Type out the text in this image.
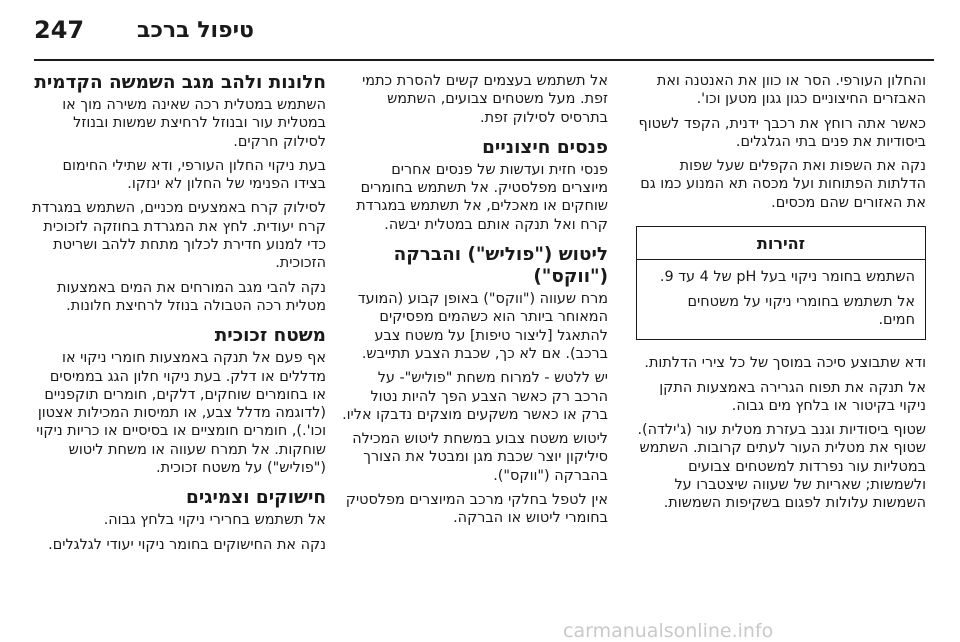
טיפול ברכב
247

והחלון העורפי. הסר או כוון את האנטנה ואת האבזרים החיצוניים כגון גגון מטען וכו'.

כאשר אתה רוחץ את רכבך ידנית, הקפד לשטוף ביסודיות את פנים בתי הגלגלים.

נקה את השפות ואת הקפלים שעל שפות הדלתות הפתוחות ועל מכסה תא המנוע כמו גם את האזורים שהם מכסים.

זהירות

השתמש בחומר ניקוי בעל pH של 4 עד 9.

אל תשתמש בחומרי ניקוי על משטחים חמים.

ודא שתבוצע סיכה במוסך של כל צירי הדלתות.

אל תנקה את תפוח הגרירה באמצעות התקן ניקוי בקיטור או בלחץ מים גבוה.

שטוף ביסודיות וגנב בעזרת מטלית עור (ג'ילדה). שטוף את מטלית העור לעתים קרובות. השתמש במטליות עור נפרדות למשטחים צבועים ולשמשות; שאריות של שעווה שיצטברו על השמשות עלולות לפגום בשקיפות השמשות.

אל תשתמש בעצמים קשים להסרת כתמי זפת. מעל משטחים צבועים, השתמש בתרסיס לסילוק זפת.

פנסים חיצוניים

פנסי חזית ועדשות של פנסים אחרים מיוצרים מפלסטיק. אל תשתמש בחומרים שוחקים או מאכלים, אל תשתמש במגרדת קרח ואל תנקה אותם במטלית יבשה.

ליטוש ("פוליש") והברקה ("ווקס")

מרח שעווה ("ווקס") באופן קבוע (המועד המאוחר ביותר הוא כשהמים מפסיקים להתאגל [ליצור טיפות] על משטח צבע ברכב). אם לא כך, שכבת הצבע תתייבש.

יש ללטש - למרוח משחת "פוליש"- על הרכב רק כאשר הצבע הפך להיות נטול ברק או כאשר משקעים מוצקים נדבקו אליו.

ליטוש משטח צבוע במשחת ליטוש המכילה סיליקון יוצר שכבת מגן ומבטל את הצורך בהברקה ("ווקס").

אין לטפל בחלקי מרכב המיוצרים מפלסטיק בחומרי ליטוש או הברקה.

חלונות ולהב מגב השמשה הקדמית

השתמש במטלית רכה שאינה משירה מוך או במטלית עור ובנוזל לרחיצת שמשות ובנוזל לסילוק חרקים.

בעת ניקוי החלון העורפי, ודא שתילי החימום בצידו הפנימי של החלון לא ינזקו.

לסילוק קרח באמצעים מכניים, השתמש במגרדת קרח יעודית. לחץ את המגרדת בחוזקה לזכוכית כדי למנוע חדירת לכלוך מתחת ללהב ושריטת הזכוכית.

נקה להבי מגב המורחים את המים באמצעות מטלית רכה הטבולה בנוזל לרחיצת חלונות.

משטח זכוכית

אף פעם אל תנקה באמצעות חומרי ניקוי או מדללים או דלק. בעת ניקוי חלון הגג בממיסים או בחומרים שוחקים, דלקים, חומרים תוקפניים (לדוגמה מדלל צבע, או תמיסות המכילות אצטון וכו'.), חומרים חומציים או בסיסיים או כריות ניקוי שוחקות. אל תמרח שעווה או משחת ליטוש ("פוליש") על משטח זכוכית.

חישוקים וצמיגים

אל תשתמש בחרירי ניקוי בלחץ גבוה.

נקה את החישוקים בחומר ניקוי יעודי לגלגלים.

carmanualsonline.info
